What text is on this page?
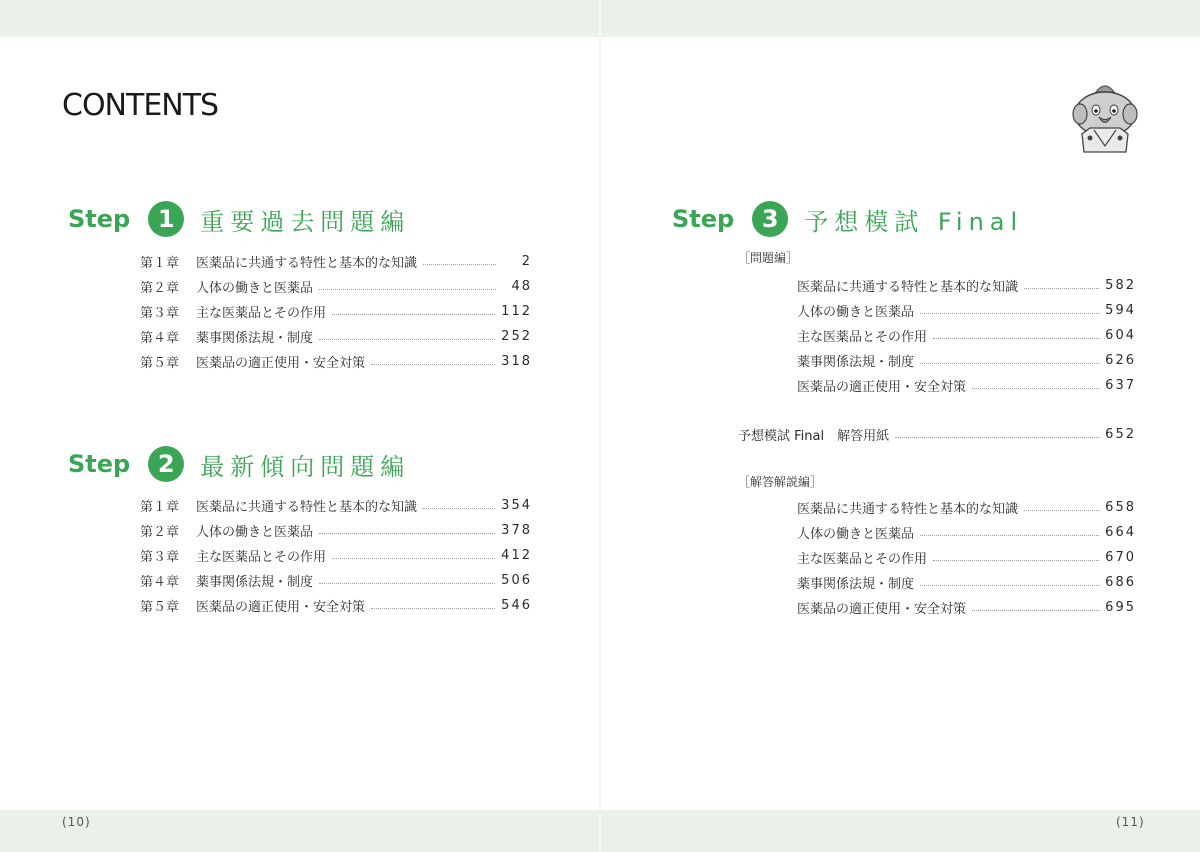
CONTENTS
Step	1	重要過去問題編
第１章	医薬品に共通する特性と基本的な知識	2
第２章	人体の働きと医薬品	48
第３章	主な医薬品とその作用	112
第４章	薬事関係法規・制度	252
第５章	医薬品の適正使用・安全対策	318
Step	2	最新傾向問題編
第１章	医薬品に共通する特性と基本的な知識	354
第２章	人体の働きと医薬品	378
第３章	主な医薬品とその作用	412
第４章	薬事関係法規・制度	506
第５章	医薬品の適正使用・安全対策	546
Step	3	予想模試 Final
［問題編］
医薬品に共通する特性と基本的な知識	582
人体の働きと医薬品	594
主な医薬品とその作用	604
薬事関係法規・制度	626
医薬品の適正使用・安全対策	637
予想模試 Final　解答用紙	652
［解答解説編］
医薬品に共通する特性と基本的な知識	658
人体の働きと医薬品	664
主な医薬品とその作用	670
薬事関係法規・制度	686
医薬品の適正使用・安全対策	695
(10)	(11)
